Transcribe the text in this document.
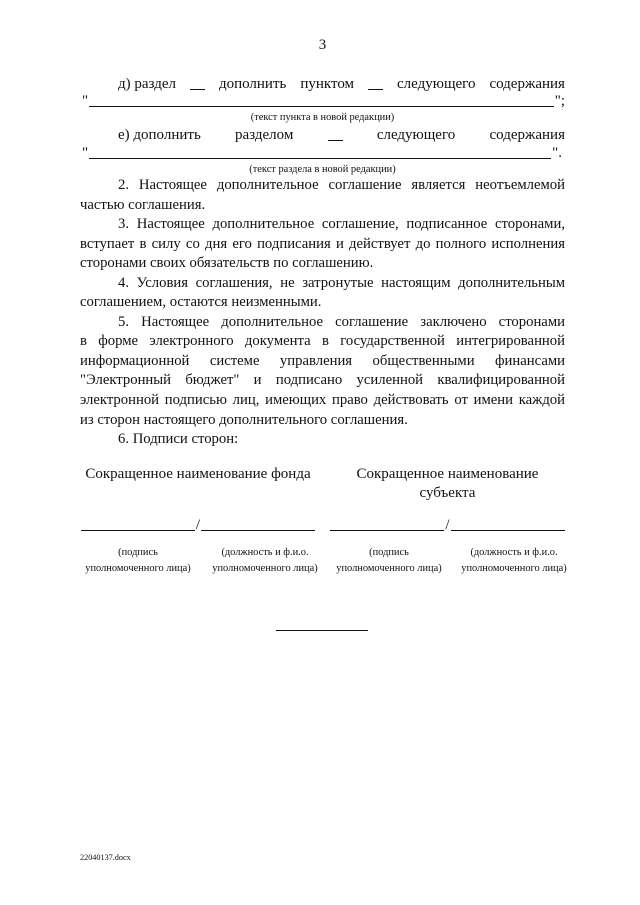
3
д) раздел	дополнить пунктом	следующего содержания
"	";
(текст пункта в новой редакции)
е) дополнить разделом	следующего содержания
"	".
(текст раздела в новой редакции)
2. Настоящее дополнительное соглашение является неотъемлемой
частью соглашения.
3. Настоящее дополнительное соглашение, подписанное сторонами,
вступает в силу со дня его подписания и действует до полного исполнения
сторонами своих обязательств по соглашению.
4. Условия соглашения, не затронутые настоящим дополнительным
соглашением, остаются неизменными.
5. Настоящее дополнительное соглашение заключено сторонами
в форме электронного документа в государственной интегрированной
информационной системе управления общественными финансами
"Электронный бюджет" и подписано усиленной квалифицированной
электронной подписью лиц, имеющих право действовать от имени каждой
из сторон настоящего дополнительного соглашения.
6. Подписи сторон:
Сокращенное наименование фонда	Сокращенное наименование
субъекта
/	/
(подпись
уполномоченного лица)
(должность и ф.и.о.
уполномоченного лица)
(подпись
уполномоченного лица)
(должность и ф.и.о.
уполномоченного лица)
22040137.docx
